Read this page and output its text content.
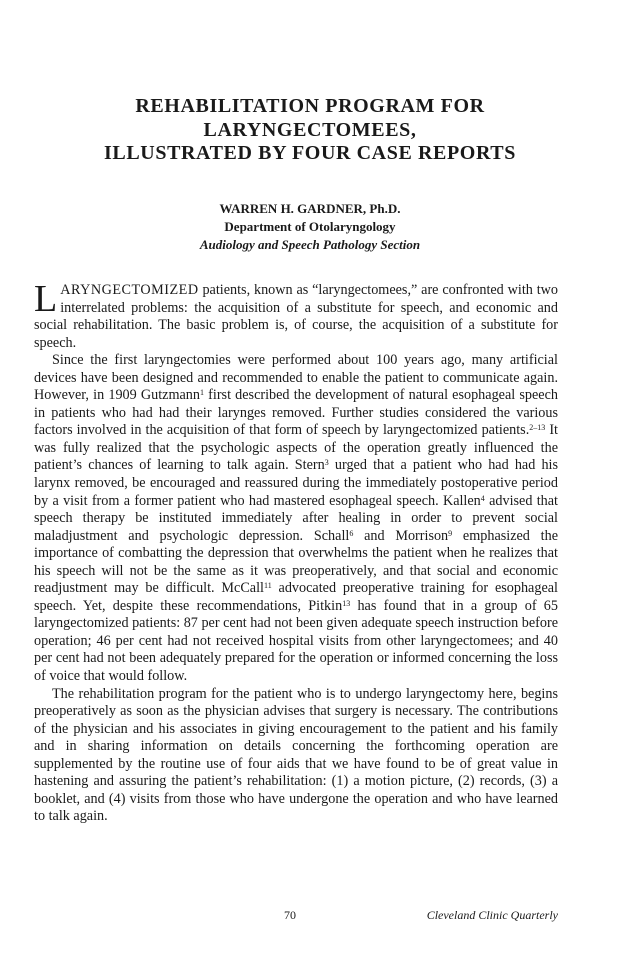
REHABILITATION PROGRAM FOR
LARYNGECTOMEES,
ILLUSTRATED BY FOUR CASE REPORTS
WARREN H. GARDNER, Ph.D.
Department of Otolaryngology
Audiology and Speech Pathology Section

LARYNGECTOMIZED patients, known as “laryngectomees,” are confronted with two interrelated problems: the acquisition of a substitute for speech, and economic and social rehabilitation. The basic problem is, of course, the acquisition of a substitute for speech.

Since the first laryngectomies were performed about 100 years ago, many artificial devices have been designed and recommended to enable the patient to communicate again. However, in 1909 Gutzmann$^1$ first described the development of natural esophageal speech in patients who had had their larynges removed. Further studies considered the various factors involved in the acquisition of that form of speech by laryngectomized patients.$^{2-13}$ It was fully realized that the psychologic aspects of the operation greatly influenced the patient’s chances of learning to talk again. Stern$^3$ urged that a patient who had had his larynx removed, be encouraged and reassured during the immediately postoperative period by a visit from a former patient who had mastered esophageal speech. Kallen$^4$ advised that speech therapy be instituted immediately after healing in order to prevent social maladjustment and psychologic depression. Schall$^6$ and Morrison$^9$ emphasized the importance of combatting the depression that overwhelms the patient when he realizes that his speech will not be the same as it was preoperatively, and that social and economic readjustment may be difficult. McCall$^{11}$ advocated preoperative training for esophageal speech. Yet, despite these recommendations, Pitkin$^{13}$ has found that in a group of 65 laryngectomized patients: 87 per cent had not been given adequate speech instruction before operation; 46 per cent had not received hospital visits from other laryngectomees; and 40 per cent had not been adequately prepared for the operation or informed concerning the loss of voice that would follow.

The rehabilitation program for the patient who is to undergo laryngectomy here, begins preoperatively as soon as the physician advises that surgery is necessary. The contributions of the physician and his associates in giving encouragement to the patient and his family and in sharing information on details concerning the forthcoming operation are supplemented by the routine use of four aids that we have found to be of great value in hastening and assuring the patient’s rehabilitation: (1) a motion picture, (2) records, (3) a booklet, and (4) visits from those who have undergone the operation and who have learned to talk again.

70	Cleveland Clinic Quarterly
